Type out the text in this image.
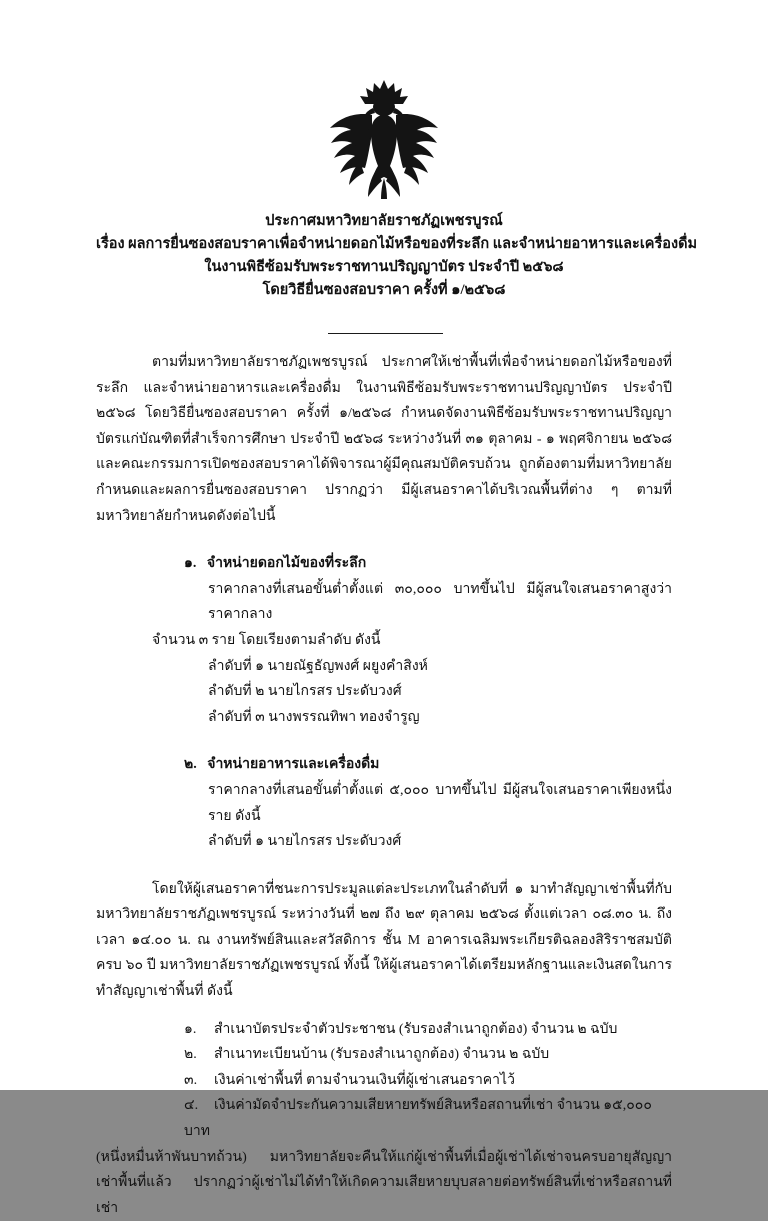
ประกาศมหาวิทยาลัยราชภัฏเพชรบูรณ์
เรื่อง ผลการยื่นซองสอบราคาเพื่อจำหน่ายดอกไม้หรือของที่ระลึก และจำหน่ายอาหารและเครื่องดื่ม
ในงานพิธีซ้อมรับพระราชทานปริญญาบัตร ประจำปี ๒๕๖๘
โดยวิธียื่นซองสอบราคา ครั้งที่ ๑/๒๕๖๘

ตามที่มหาวิทยาลัยราชภัฏเพชรบูรณ์ ประกาศให้เช่าพื้นที่เพื่อจำหน่ายดอกไม้หรือของที่ระลึก และจำหน่ายอาหารและเครื่องดื่ม ในงานพิธีซ้อมรับพระราชทานปริญญาบัตร ประจำปี ๒๕๖๘ โดยวิธียื่นซองสอบราคา ครั้งที่ ๑/๒๕๖๘ กำหนดจัดงานพิธีซ้อมรับพระราชทานปริญญาบัตรแก่บัณฑิตที่สำเร็จการศึกษา ประจำปี ๒๕๖๘ ระหว่างวันที่ ๓๑ ตุลาคม - ๑ พฤศจิกายน ๒๕๖๘ และคณะกรรมการเปิดซองสอบราคาได้พิจารณาผู้มีคุณสมบัติครบถ้วน ถูกต้องตามที่มหาวิทยาลัยกำหนดและผลการยื่นซองสอบราคา ปรากฏว่า มีผู้เสนอราคาได้บริเวณพื้นที่ต่าง ๆ ตามที่มหาวิทยาลัยกำหนดดังต่อไปนี้

๑. จำหน่ายดอกไม้ของที่ระลึก

ราคากลางที่เสนอขั้นต่ำตั้งแต่ ๓๐,๐๐๐ บาทขึ้นไป มีผู้สนใจเสนอราคาสูงว่าราคากลาง

จำนวน ๓ ราย โดยเรียงตามลำดับ ดังนี้

ลำดับที่ ๑ นายณัฐธัญพงศ์ ผยูงคำสิงห์

ลำดับที่ ๒ นายไกรสร ประดับวงศ์

ลำดับที่ ๓ นางพรรณทิพา ทองจำรูญ

๒. จำหน่ายอาหารและเครื่องดื่ม

ราคากลางที่เสนอขั้นต่ำตั้งแต่ ๕,๐๐๐ บาทขึ้นไป มีผู้สนใจเสนอราคาเพียงหนึ่งราย ดังนี้

ลำดับที่ ๑ นายไกรสร ประดับวงศ์

โดยให้ผู้เสนอราคาที่ชนะการประมูลแต่ละประเภทในลำดับที่ ๑ มาทำสัญญาเช่าพื้นที่กับมหาวิทยาลัยราชภัฏเพชรบูรณ์ ระหว่างวันที่ ๒๗ ถึง ๒๙ ตุลาคม ๒๕๖๘ ตั้งแต่เวลา ๐๘.๓๐ น. ถึงเวลา ๑๔.๐๐ น. ณ งานทรัพย์สินและสวัสดิการ ชั้น M อาคารเฉลิมพระเกียรติฉลองสิริราชสมบัติครบ ๖๐ ปี มหาวิทยาลัยราชภัฏเพชรบูรณ์ ทั้งนี้ ให้ผู้เสนอราคาได้เตรียมหลักฐานและเงินสดในการทำสัญญาเช่าพื้นที่ ดังนี้

๑. สำเนาบัตรประจำตัวประชาชน (รับรองสำเนาถูกต้อง) จำนวน ๒ ฉบับ

๒. สำเนาทะเบียนบ้าน (รับรองสำเนาถูกต้อง) จำนวน ๒ ฉบับ

๓. เงินค่าเช่าพื้นที่ ตามจำนวนเงินที่ผู้เช่าเสนอราคาไว้

๔. เงินค่ามัดจำประกันความเสียหายทรัพย์สินหรือสถานที่เช่า จำนวน ๑๕,๐๐๐ บาท

(หนึ่งหมื่นห้าพันบาทถ้วน) มหาวิทยาลัยจะคืนให้แก่ผู้เช่าพื้นที่เมื่อผู้เช่าได้เช่าจนครบอายุสัญญาเช่าพื้นที่แล้ว ปรากฏว่าผู้เช่าไม่ได้ทำให้เกิดความเสียหายบุบสลายต่อทรัพย์สินที่เช่าหรือสถานที่เช่า
